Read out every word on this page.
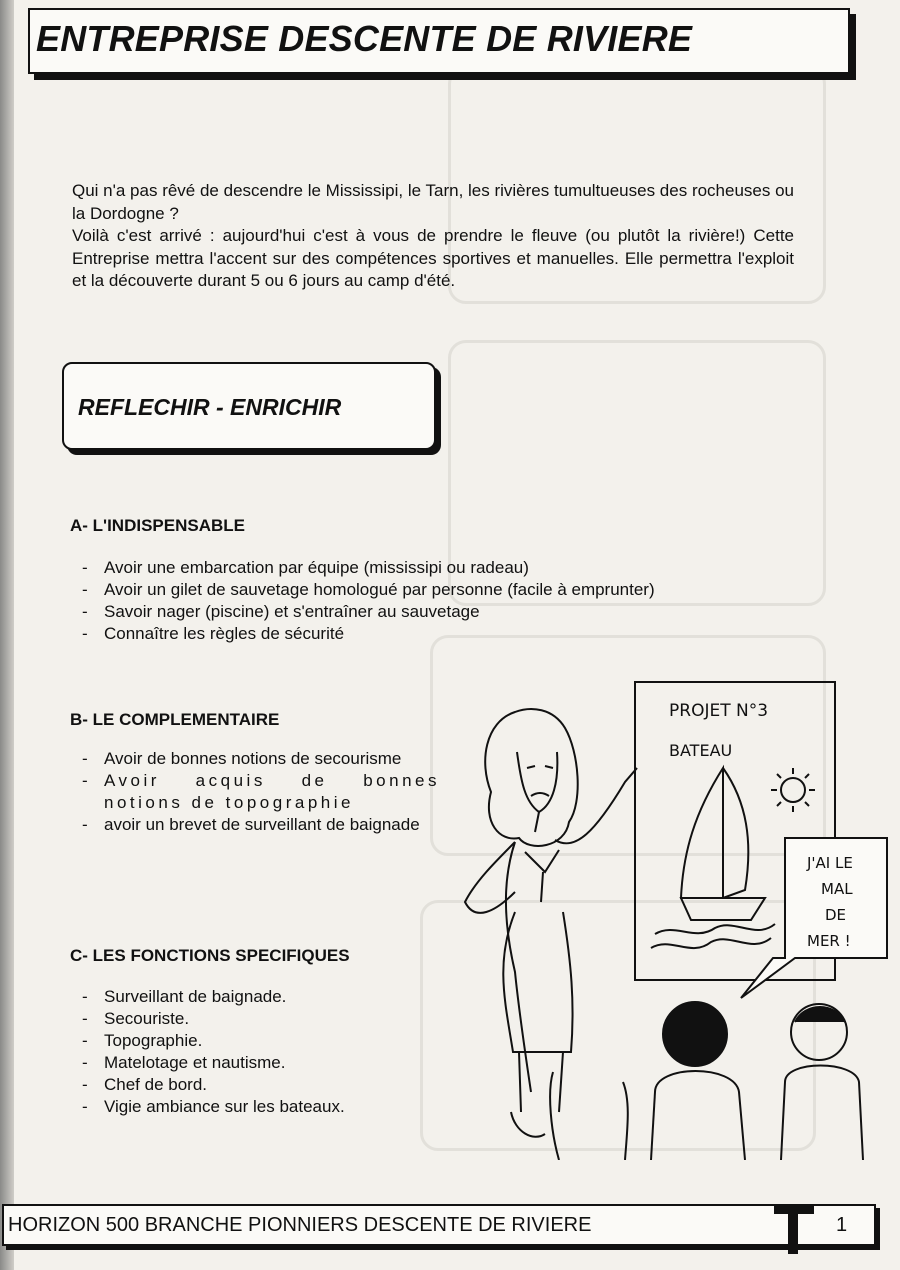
ENTREPRISE DESCENTE DE RIVIERE

Qui n'a pas rêvé de descendre le Mississipi, le Tarn, les rivières tumultueuses des rocheuses ou la Dordogne ?

Voilà c'est arrivé : aujourd'hui c'est à vous de prendre le fleuve (ou plutôt la rivière!) Cette Entreprise mettra l'accent sur des compétences sportives et manuelles. Elle permettra l'exploit et la découverte durant 5 ou 6 jours au camp d'été.

REFLECHIR - ENRICHIR

A- L'INDISPENSABLE

- Avoir une embarcation par équipe (mississipi ou radeau)
- Avoir un gilet de sauvetage homologué par personne (facile à emprunter)
- Savoir nager (piscine) et s'entraîner au sauvetage
- Connaître les règles de sécurité

B- LE COMPLEMENTAIRE

- Avoir de bonnes notions de secourisme
- Avoir acquis de bonnes notions de topographie
- avoir un brevet de surveillant de baignade

C- LES FONCTIONS SPECIFIQUES

- Surveillant de baignade.
- Secouriste.
- Topographie.
- Matelotage et nautisme.
- Chef de bord.
- Vigie ambiance sur les bateaux.
PROJET N°3
BATEAU
J'AI LE
MAL
DE
MER !
HORIZON 500 BRANCHE PIONNIERS DESCENTE DE RIVIERE	1
